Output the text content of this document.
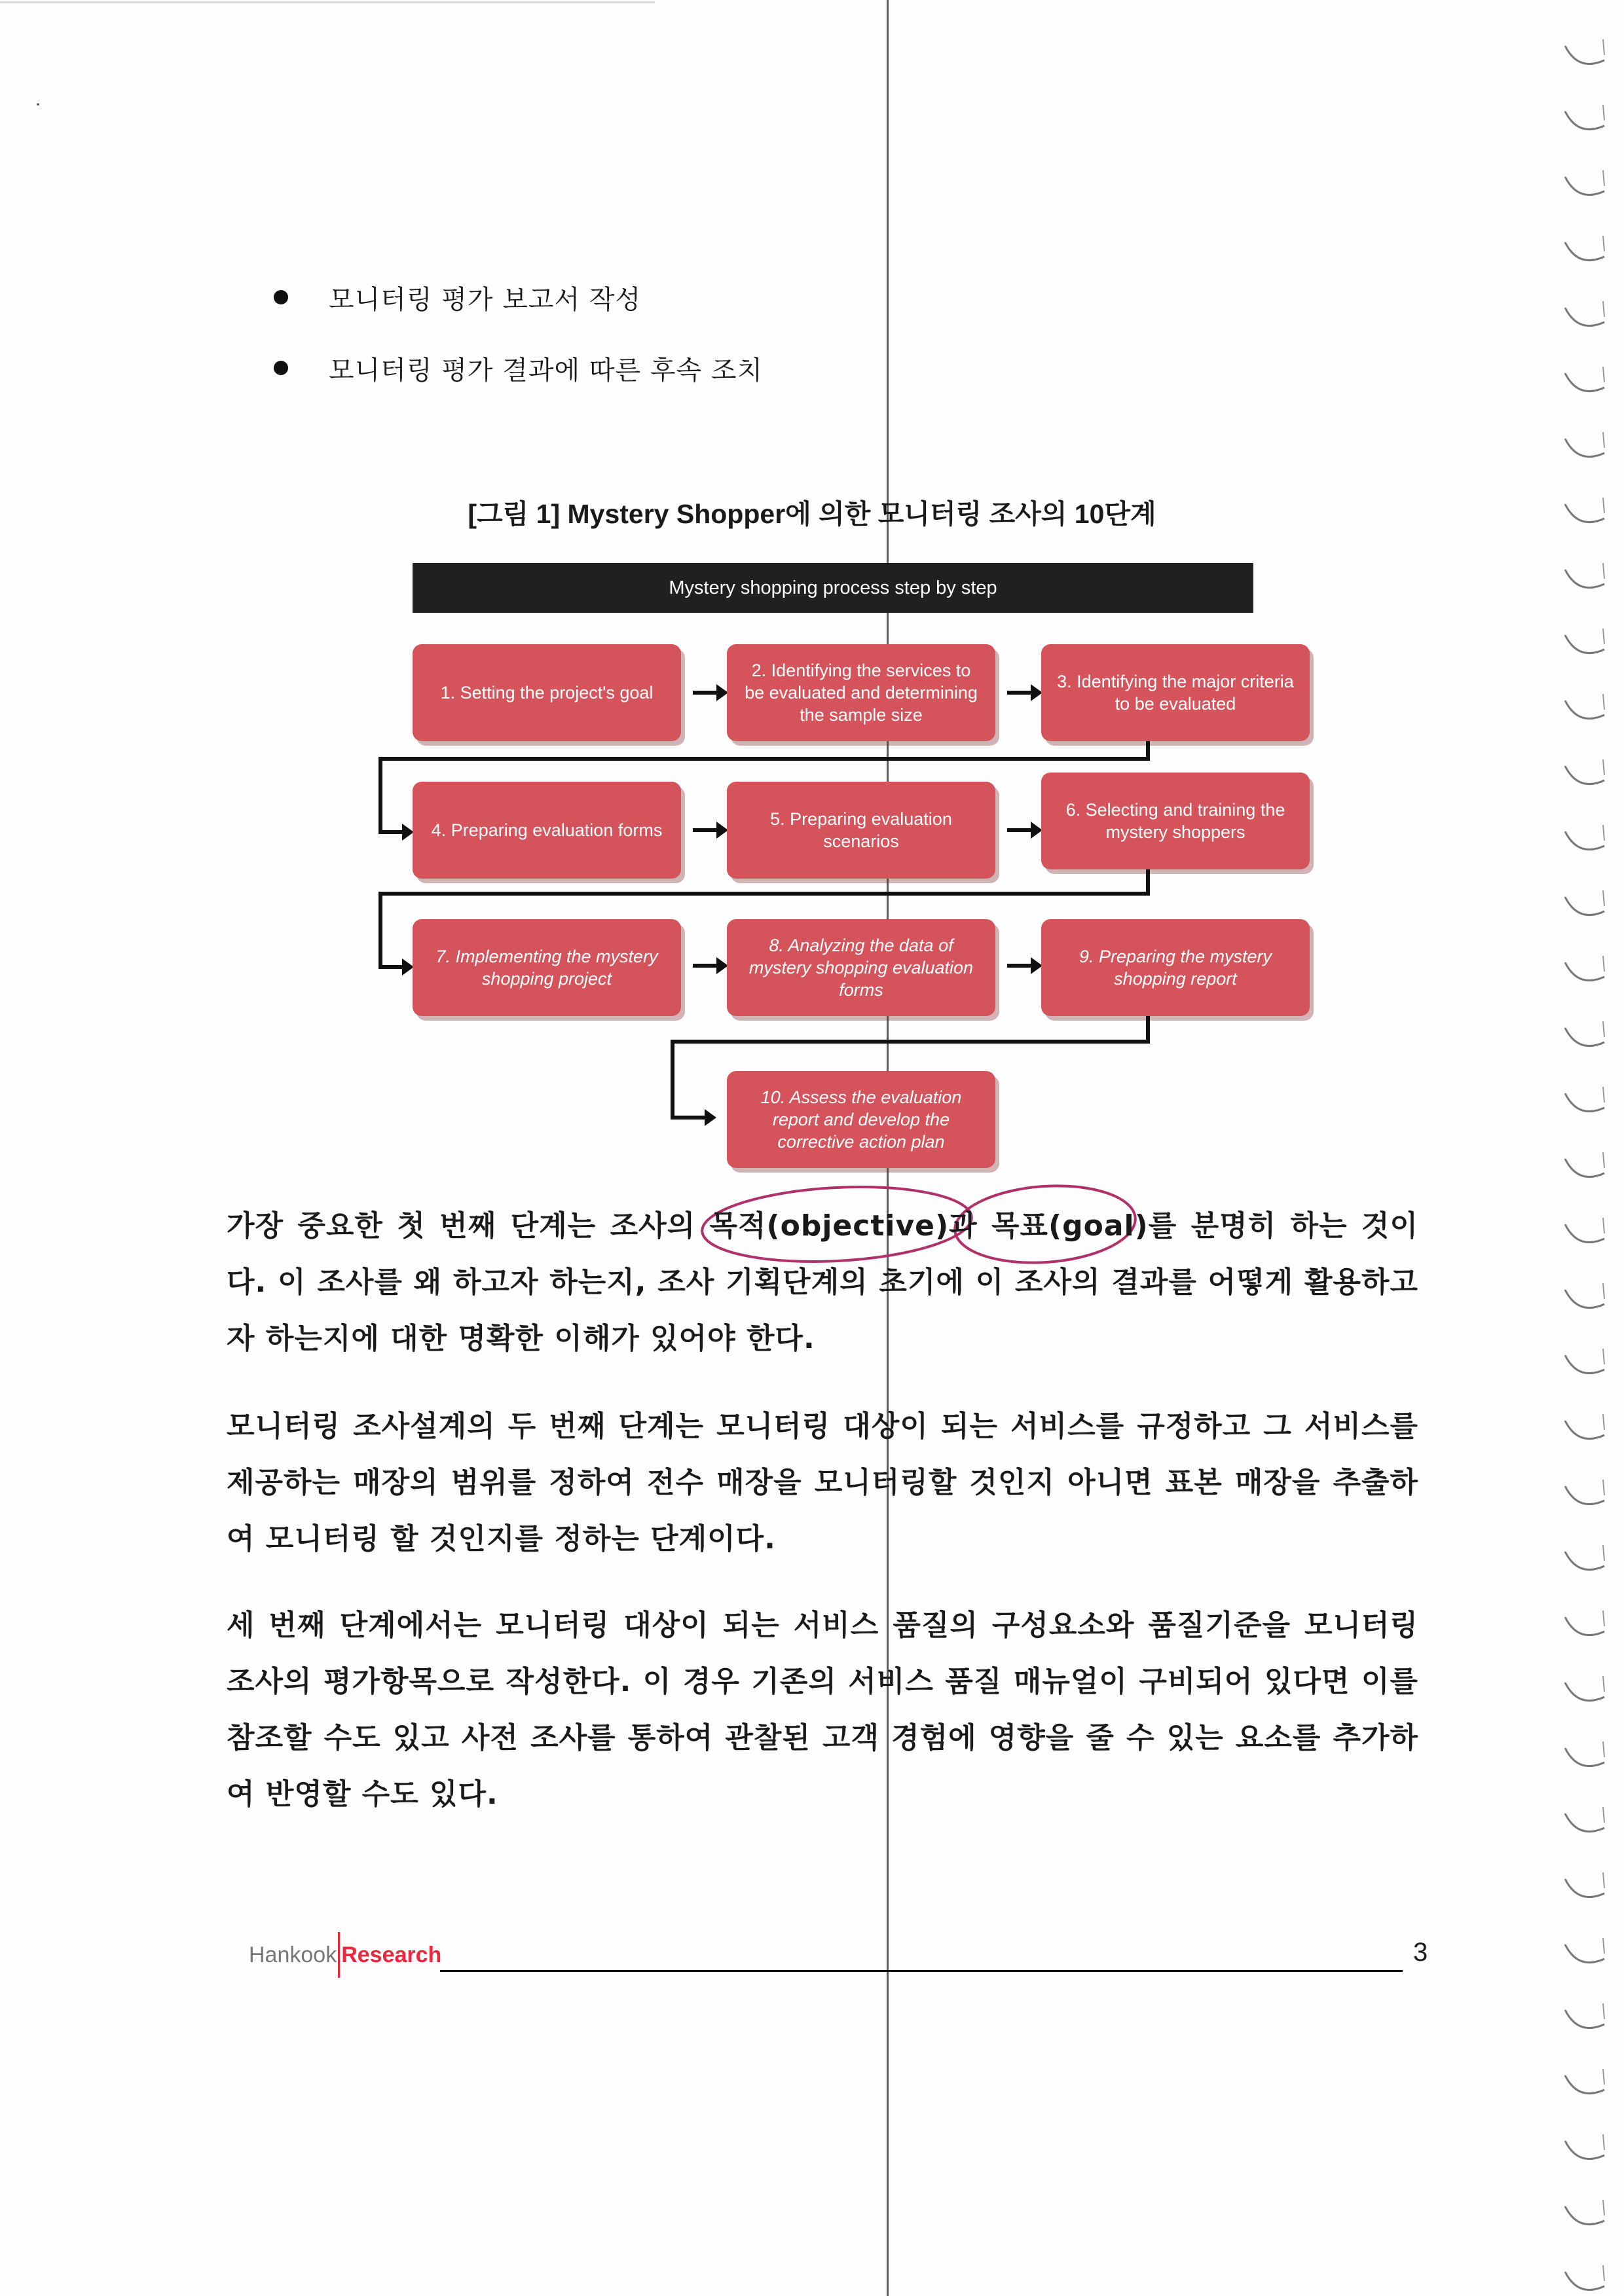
모니터링 평가 보고서 작성
모니터링 평가 결과에 따른 후속 조치
[그림 1] Mystery Shopper에 의한 모니터링 조사의 10단계
Mystery shopping process step by step
1. Setting the project's goal
2. Identifying the services to be evaluated and determining the sample size
3. Identifying the major criteria to be evaluated
4. Preparing evaluation forms
5. Preparing evaluation scenarios
6. Selecting and training the mystery shoppers
7. Implementing the mystery shopping project
8. Analyzing the data of mystery shopping evaluation forms
9. Preparing the mystery shopping report
10. Assess the evaluation report and develop the corrective action plan
가장 중요한 첫 번째 단계는 조사의 목적(objective)과 목표(goal)를 분명히 하는 것이다. 이 조사를 왜 하고자 하는지, 조사 기획단계의 초기에 이 조사의 결과를 어떻게 활용하고자 하는지에 대한 명확한 이해가 있어야 한다.
모니터링 조사설계의 두 번째 단계는 모니터링 대상이 되는 서비스를 규정하고 그 서비스를 제공하는 매장의 범위를 정하여 전수 매장을 모니터링할 것인지 아니면 표본 매장을 추출하여 모니터링 할 것인지를 정하는 단계이다.
세 번째 단계에서는 모니터링 대상이 되는 서비스 품질의 구성요소와 품질기준을 모니터링 조사의 평가항목으로 작성한다. 이 경우 기존의 서비스 품질 매뉴얼이 구비되어 있다면 이를 참조할 수도 있고 사전 조사를 통하여 관찰된 고객 경험에 영향을 줄 수 있는 요소를 추가하여 반영할 수도 있다.
Hankook Research	3
